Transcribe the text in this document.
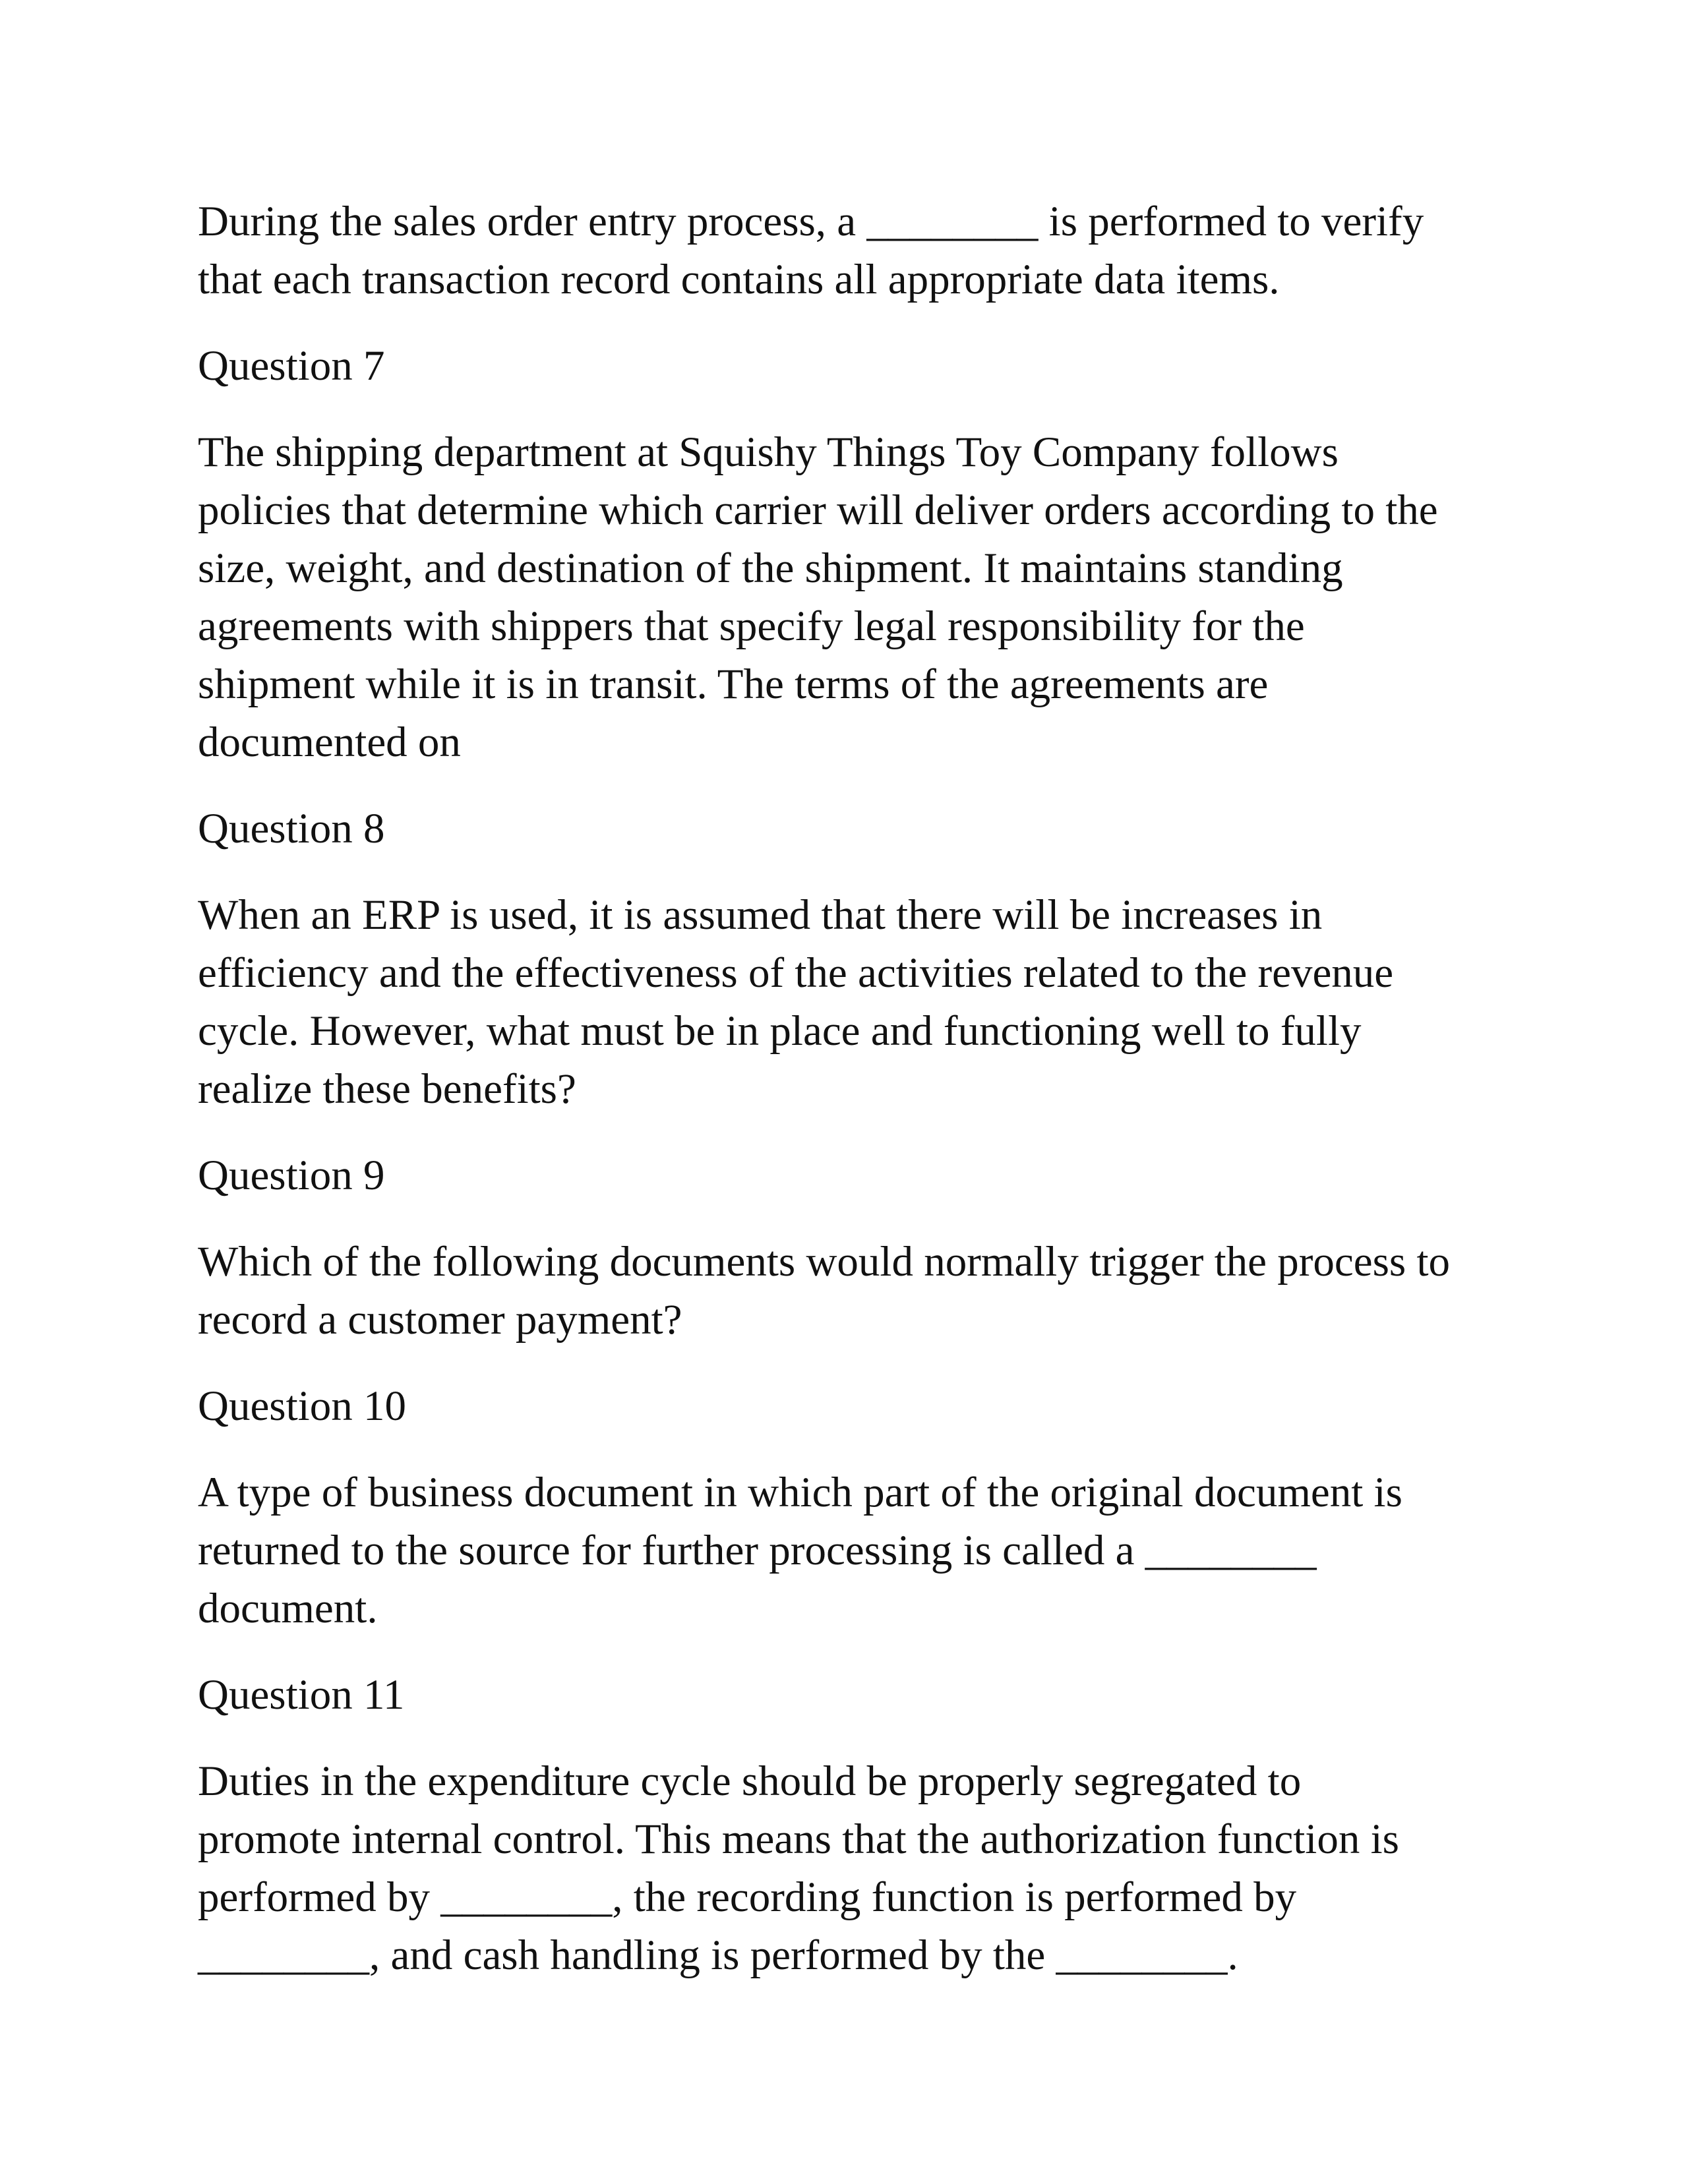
During the sales order entry process, a ________ is performed to verify
that each transaction record contains all appropriate data items.

Question 7

The shipping department at Squishy Things Toy Company follows
policies that determine which carrier will deliver orders according to the
size, weight, and destination of the shipment. It maintains standing
agreements with shippers that specify legal responsibility for the
shipment while it is in transit. The terms of the agreements are
documented on

Question 8

When an ERP is used, it is assumed that there will be increases in
efficiency and the effectiveness of the activities related to the revenue
cycle. However, what must be in place and functioning well to fully
realize these benefits?

Question 9

Which of the following documents would normally trigger the process to
record a customer payment?

Question 10

A type of business document in which part of the original document is
returned to the source for further processing is called a ________
document.

Question 11

Duties in the expenditure cycle should be properly segregated to
promote internal control. This means that the authorization function is
performed by ________, the recording function is performed by
________, and cash handling is performed by the ________.
